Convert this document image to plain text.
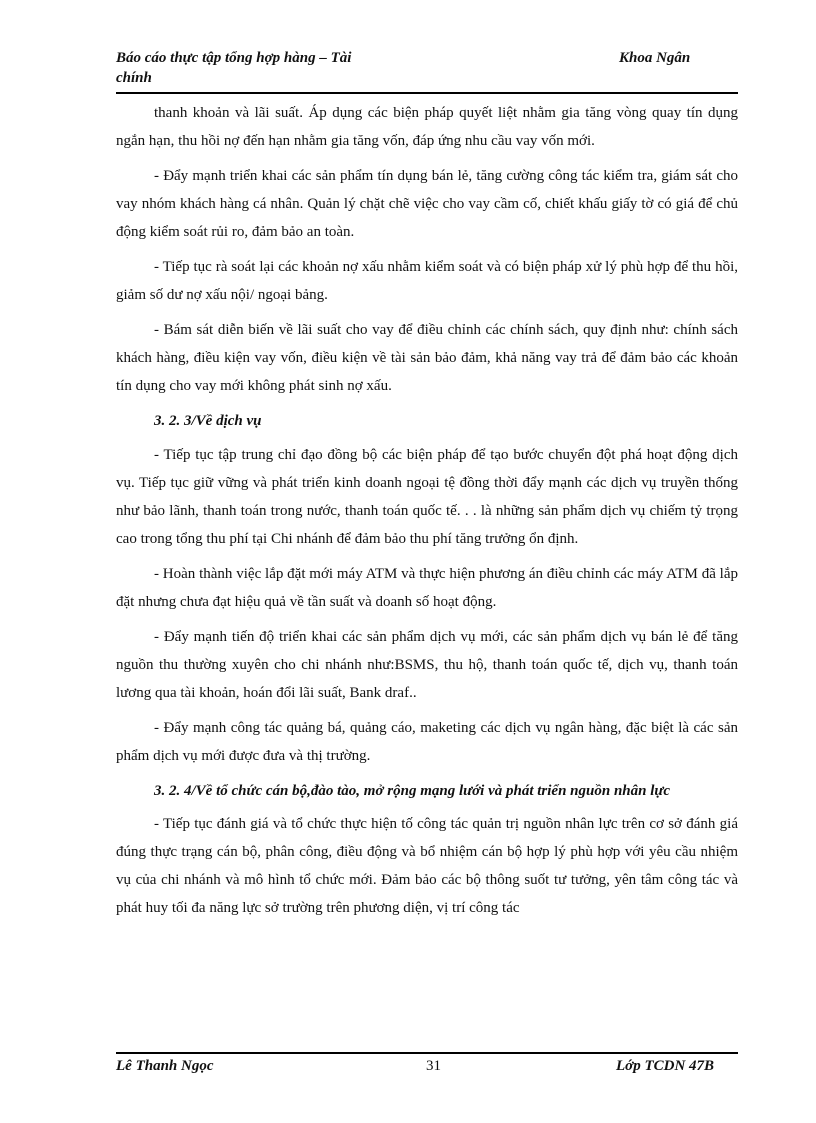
Báo cáo thực tập tổng hợp hàng – Tài chính
Khoa Ngân

thanh khoản và lãi suất. Áp dụng các biện pháp quyết liệt nhằm gia tăng vòng quay tín dụng ngắn hạn, thu hồi nợ đến hạn nhằm gia tăng vốn, đáp ứng nhu cầu vay vốn mới.

- Đẩy mạnh triển khai các sản phẩm tín dụng bán lẻ, tăng cường công tác kiểm tra, giám sát cho vay nhóm khách hàng cá nhân. Quản lý chặt chẽ việc cho vay cầm cố, chiết khấu giấy tờ có giá để chủ động kiểm soát rủi ro, đảm bảo an toàn.

- Tiếp tục rà soát lại các khoản nợ xấu nhằm kiểm soát và có biện pháp xử lý phù hợp để thu hồi, giảm số dư nợ xấu nội/ ngoại bảng.

- Bám sát diễn biến về lãi suất cho vay để điều chỉnh các chính sách, quy định như: chính sách khách hàng, điều kiện vay vốn, điều kiện về tài sản bảo đảm, khả năng vay trả để đảm bảo các khoản tín dụng cho vay mới không phát sinh nợ xấu.

3. 2. 3/Về dịch vụ

- Tiếp tục tập trung chỉ đạo đồng bộ các biện pháp để tạo bước chuyển đột phá hoạt động dịch vụ. Tiếp tục giữ vững và phát triển kinh doanh ngoại tệ đồng thời đẩy mạnh các dịch vụ truyền thống như bảo lãnh, thanh toán trong nước, thanh toán quốc tế. . . là những sản phẩm dịch vụ chiếm tỷ trọng cao trong tổng thu phí tại Chi nhánh để đảm bảo thu phí tăng trưởng ổn định.

- Hoàn thành việc lắp đặt mới máy ATM và thực hiện phương án điều chỉnh các máy ATM đã lắp đặt nhưng chưa đạt hiệu quả về tần suất và doanh số hoạt động.

- Đẩy mạnh tiến độ triển khai các sản phẩm dịch vụ mới, các sản phẩm dịch vụ bán lẻ để tăng nguồn thu thường xuyên cho chi nhánh như:BSMS, thu hộ, thanh toán quốc tế, dịch vụ, thanh toán lương qua tài khoản, hoán đổi lãi suất, Bank draf..

- Đẩy mạnh công tác quảng bá, quảng cáo, maketing các dịch vụ ngân hàng, đặc biệt là các sản phẩm dịch vụ mới được đưa và thị trường.

3. 2. 4/Về tổ chức cán bộ,đào tào, mở rộng mạng lưới và phát triển nguồn nhân lực

- Tiếp tục đánh giá và tổ chức thực hiện tố công tác quản trị nguồn nhân lực trên cơ sở đánh giá đúng thực trạng cán bộ, phân công, điều động và bổ nhiệm cán bộ hợp lý phù hợp với yêu cầu nhiệm vụ của chi nhánh và mô hình tổ chức mới. Đảm bảo các bộ thông suốt tư tưởng, yên tâm công tác và phát huy tối đa năng lực sở trường trên phương diện, vị trí công tác

Lê Thanh Ngọc	31	Lớp TCDN 47B
